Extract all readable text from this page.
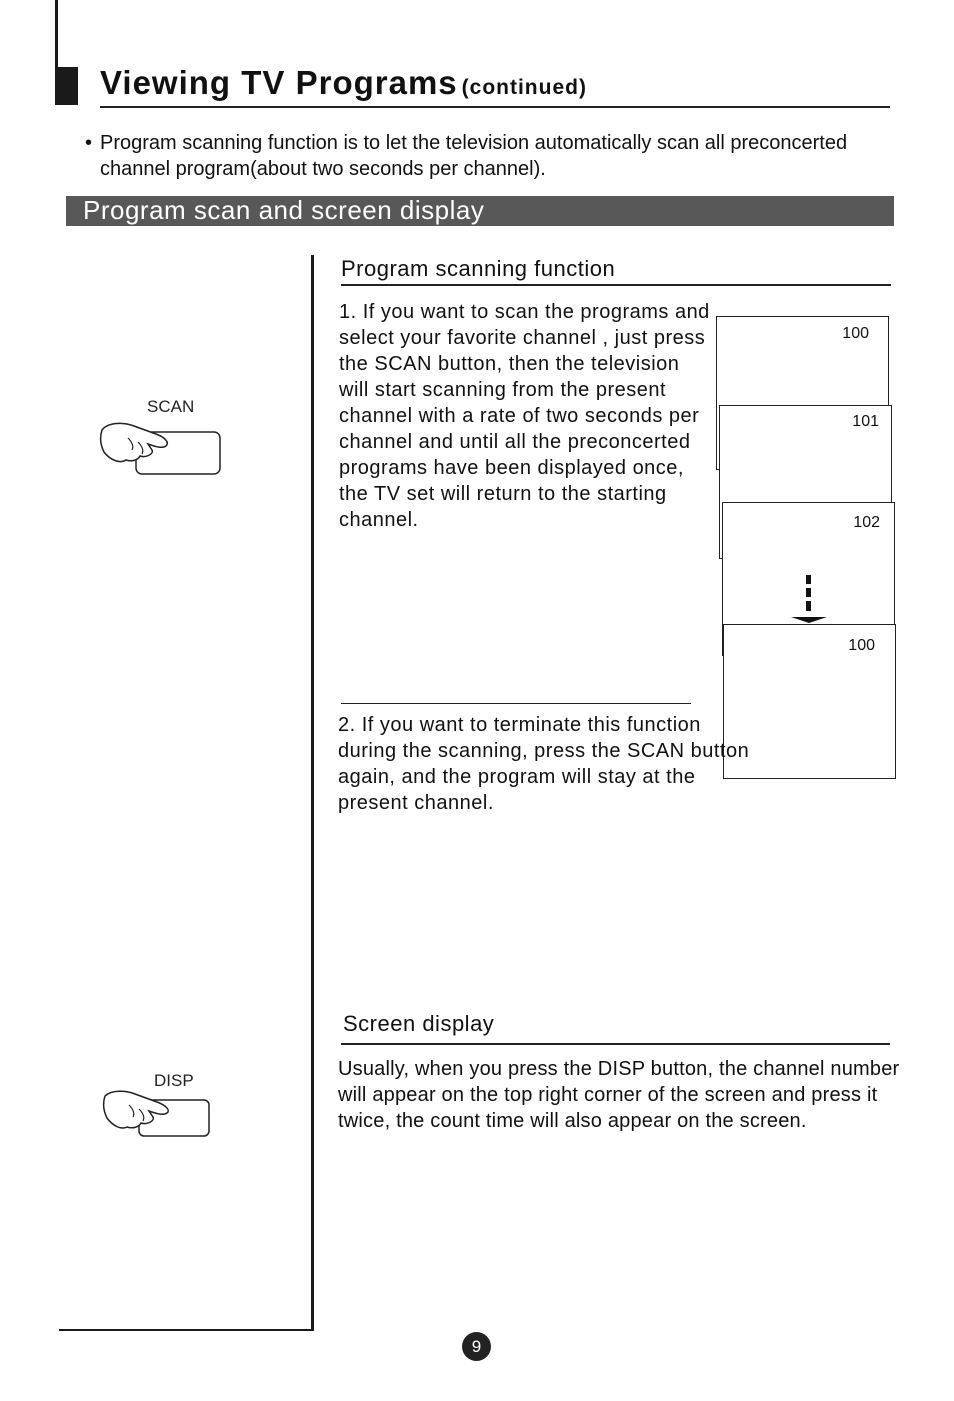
Viewing TV Programs (continued)
• Program scanning function is to let the television automatically scan all preconcerted channel program(about two seconds per channel).
Program scan and screen display
SCAN
Program scanning function
1. If you want to scan the programs and select your favorite channel , just press the SCAN button, then the television will start scanning from the present channel with a rate of two seconds per channel and until all the preconcerted programs have been displayed once, the TV set will return to the starting channel.
100
101
102
100
2. If you want to terminate this function during the scanning, press the SCAN button again, and the program will stay at the present channel.
DISP
Screen display
Usually, when you press the DISP button, the channel number will appear on the top right corner of the screen and press it twice, the count time will also appear on the screen.
9
